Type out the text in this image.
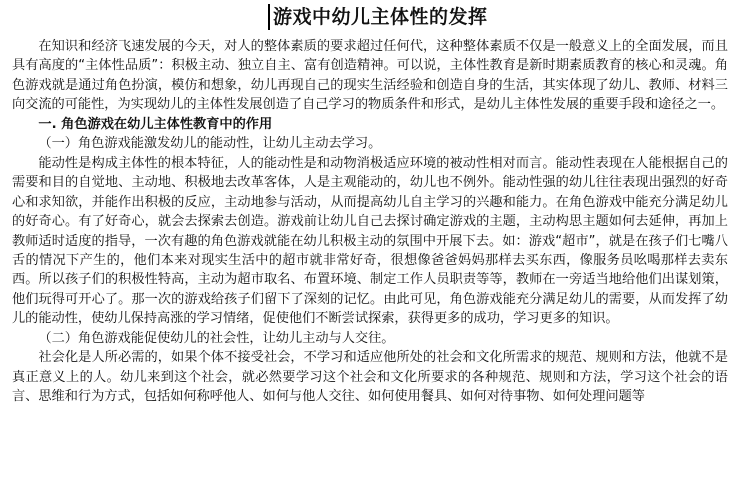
游戏中幼儿主体性的发挥

在知识和经济飞速发展的今天，对人的整体素质的要求超过任何代，这种整体素质不仅是一般意义上的全面发展，而且具有高度的“主体性品质”：积极主动、独立自主、富有创造精神。可以说，主体性教育是新时期素质教育的核心和灵魂。角色游戏就是通过角色扮演，模仿和想象，幼儿再现自己的现实生活经验和创造自身的生活，其实体现了幼儿、教师、材料三向交流的可能性，为实现幼儿的主体性发展创造了自己学习的物质条件和形式，是幼儿主体性发展的重要手段和途径之一。

一. 角色游戏在幼儿主体性教育中的作用

（一）角色游戏能激发幼儿的能动性，让幼儿主动去学习。

能动性是构成主体性的根本特征，人的能动性是和动物消极适应环境的被动性相对而言。能动性表现在人能根据自己的需要和目的自觉地、主动地、积极地去改革客体，人是主观能动的，幼儿也不例外。能动性强的幼儿往往表现出强烈的好奇心和求知欲，并能作出积极的反应，主动地参与活动，从而提高幼儿自主学习的兴趣和能力。在角色游戏中能充分满足幼儿的好奇心。有了好奇心，就会去探索去创造。游戏前让幼儿自己去探讨确定游戏的主题，主动构思主题如何去延伸，再加上教师适时适度的指导，一次有趣的角色游戏就能在幼儿积极主动的氛围中开展下去。如：游戏“超市”，就是在孩子们七嘴八舌的情况下产生的，他们本来对现实生活中的超市就非常好奇，很想像爸爸妈妈那样去买东西，像服务员吆喝那样去卖东西。所以孩子们的积极性特高，主动为超市取名、布置环境、制定工作人员职责等等，教师在一旁适当地给他们出谋划策，他们玩得可开心了。那一次的游戏给孩子们留下了深刻的记忆。由此可见，角色游戏能充分满足幼儿的需要，从而发挥了幼儿的能动性，使幼儿保持高涨的学习情绪，促使他们不断尝试探索，获得更多的成功，学习更多的知识。

（二）角色游戏能促使幼儿的社会性，让幼儿主动与人交往。

社会化是人所必需的，如果个体不接受社会，不学习和适应他所处的社会和文化所需求的规范、规则和方法，他就不是真正意义上的人。幼儿来到这个社会，就必然要学习这个社会和文化所要求的各种规范、规则和方法，学习这个社会的语言、思维和行为方式，包括如何称呼他人、如何与他人交往、如何使用餐具、如何对待事物、如何处理问题等
